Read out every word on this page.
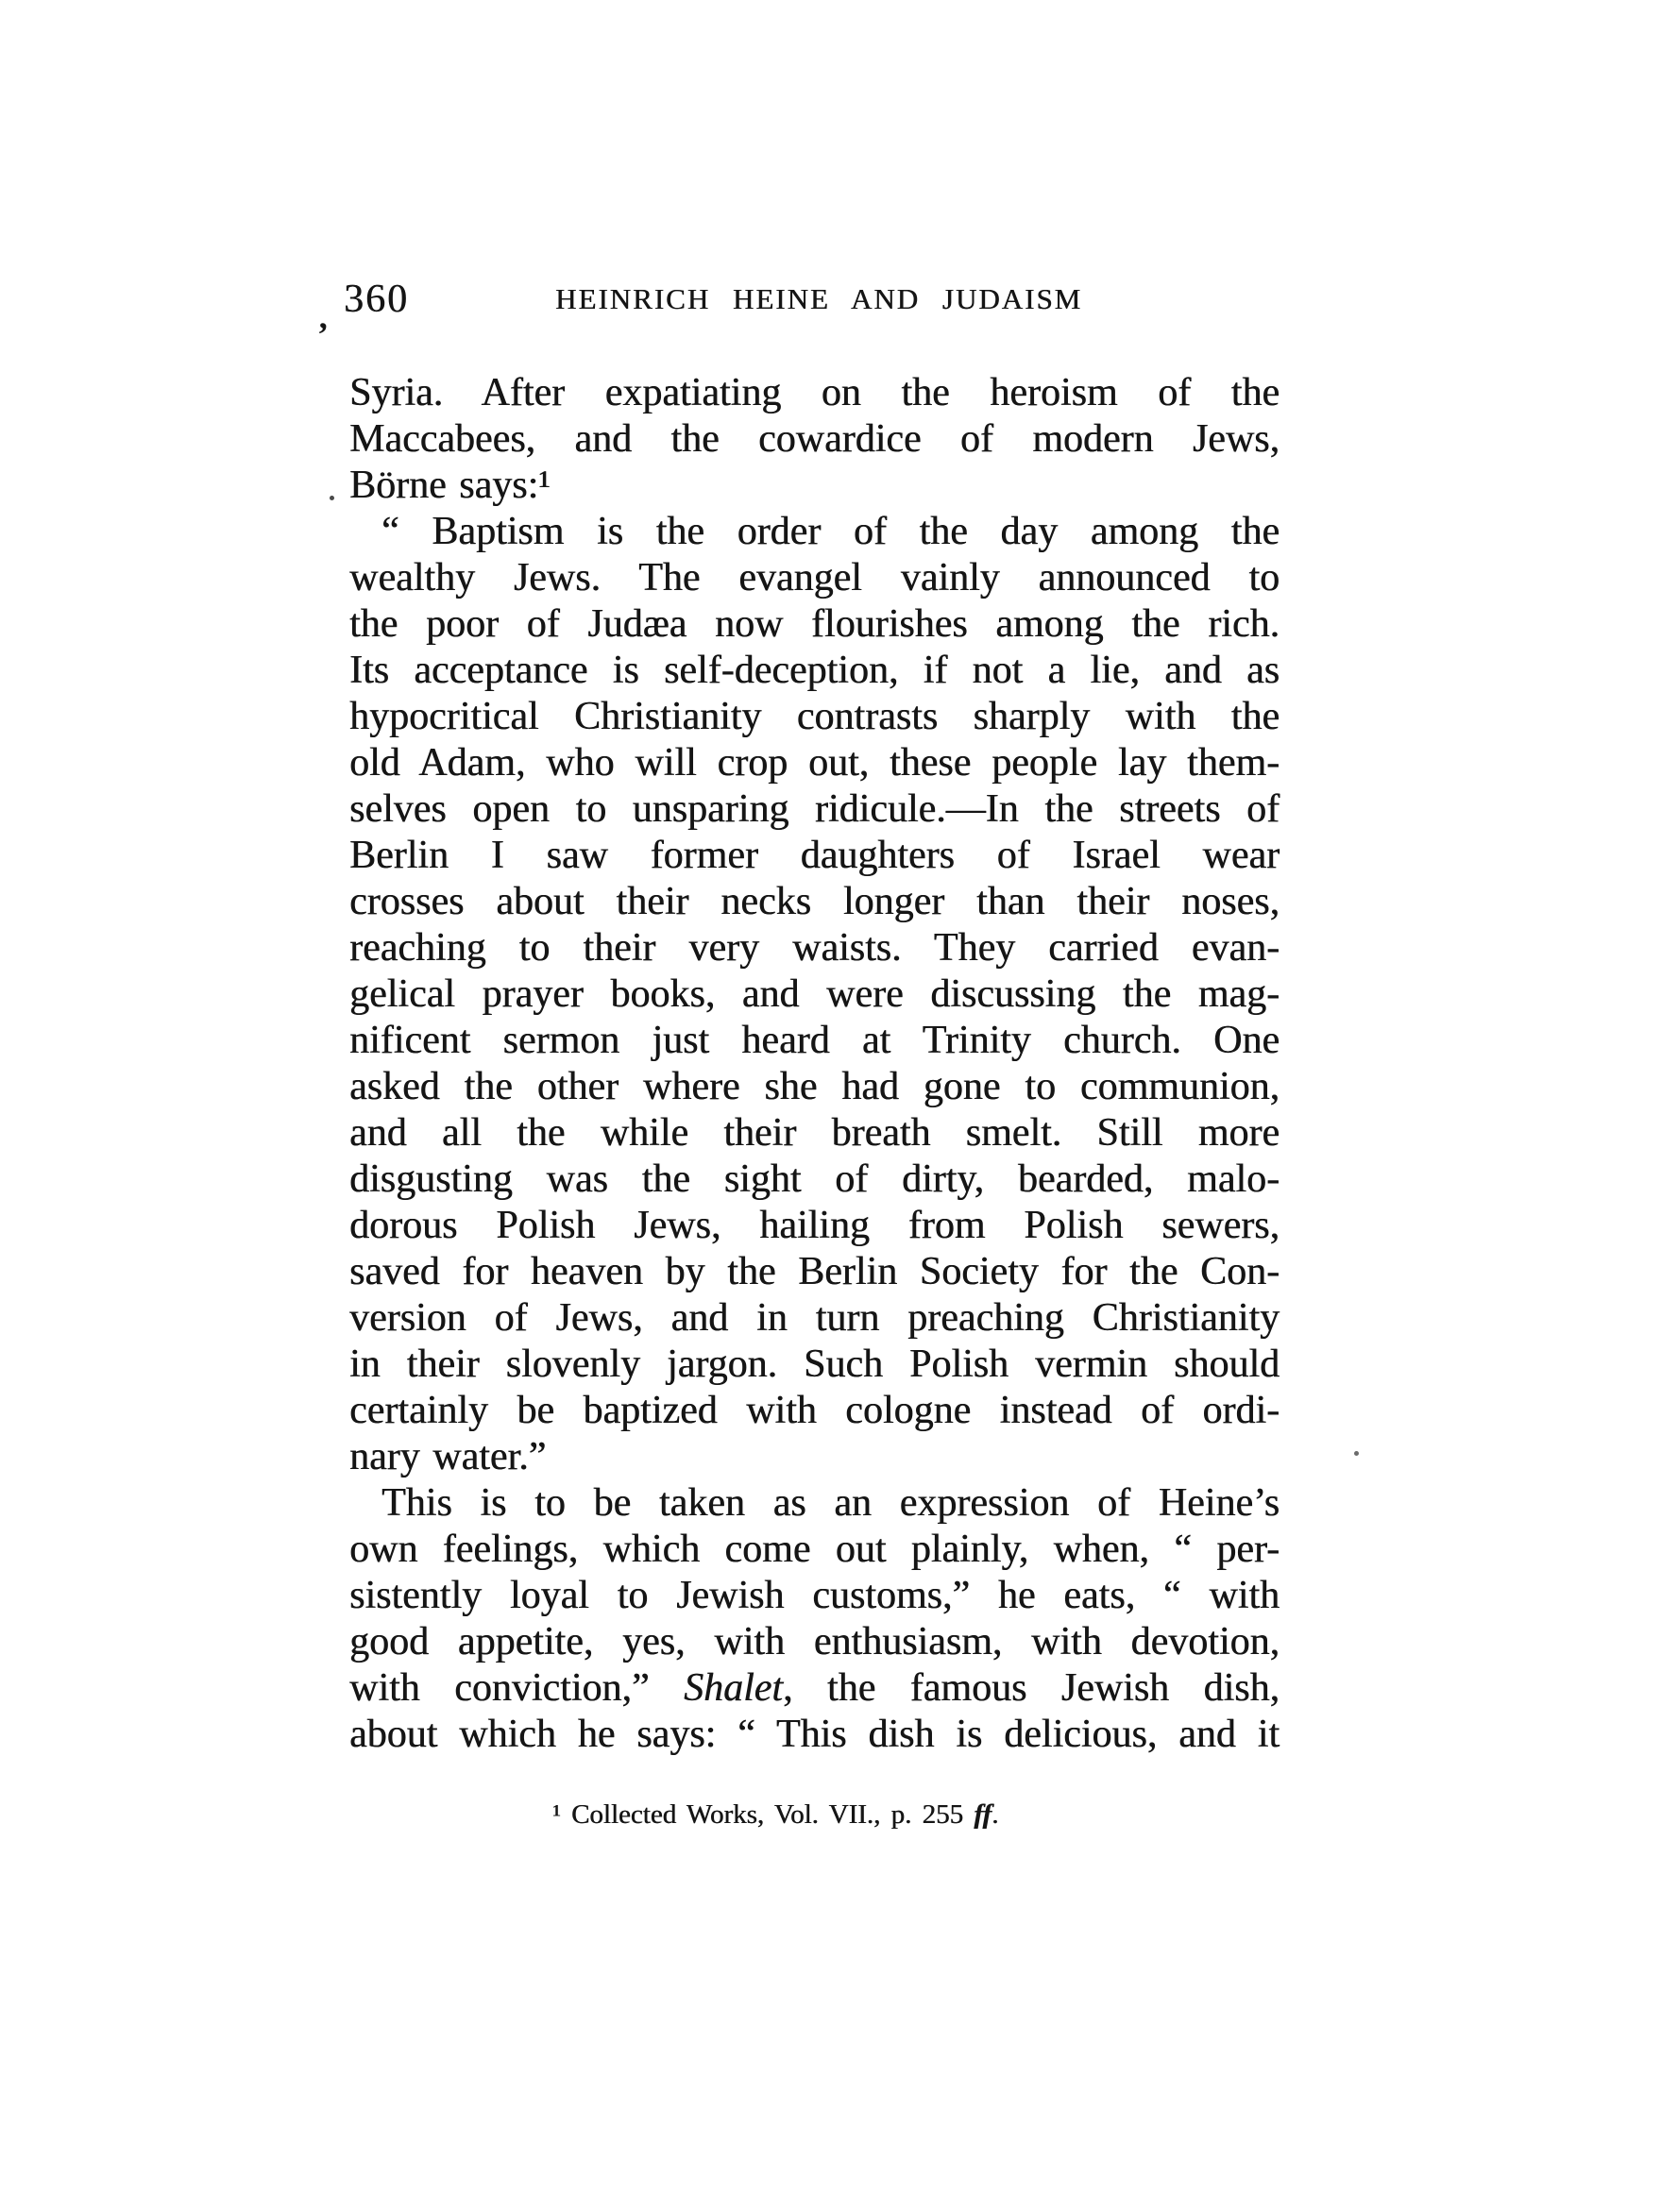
360	HEINRICH HEINE AND JUDAISM
’
Syria. After expatiating on the heroism of the
Maccabees, and the cowardice of modern Jews,
Börne says:¹
“ Baptism is the order of the day among the
wealthy Jews. The evangel vainly announced to
the poor of Judæa now flourishes among the rich.
Its acceptance is self-deception, if not a lie, and as
hypocritical Christianity contrasts sharply with the
old Adam, who will crop out, these people lay them-
selves open to unsparing ridicule.—In the streets of
Berlin I saw former daughters of Israel wear
crosses about their necks longer than their noses,
reaching to their very waists. They carried evan-
gelical prayer books, and were discussing the mag-
nificent sermon just heard at Trinity church. One
asked the other where she had gone to communion,
and all the while their breath smelt. Still more
disgusting was the sight of dirty, bearded, malo-
dorous Polish Jews, hailing from Polish sewers,
saved for heaven by the Berlin Society for the Con-
version of Jews, and in turn preaching Christianity
in their slovenly jargon. Such Polish vermin should
certainly be baptized with cologne instead of ordi-
nary water.”
This is to be taken as an expression of Heine’s
own feelings, which come out plainly, when, “ per-
sistently loyal to Jewish customs,” he eats, “ with
good appetite, yes, with enthusiasm, with devotion,
with conviction,” Shalet, the famous Jewish dish,
about which he says: “ This dish is delicious, and it
¹ Collected Works, Vol. VII., p. 255 ff.
